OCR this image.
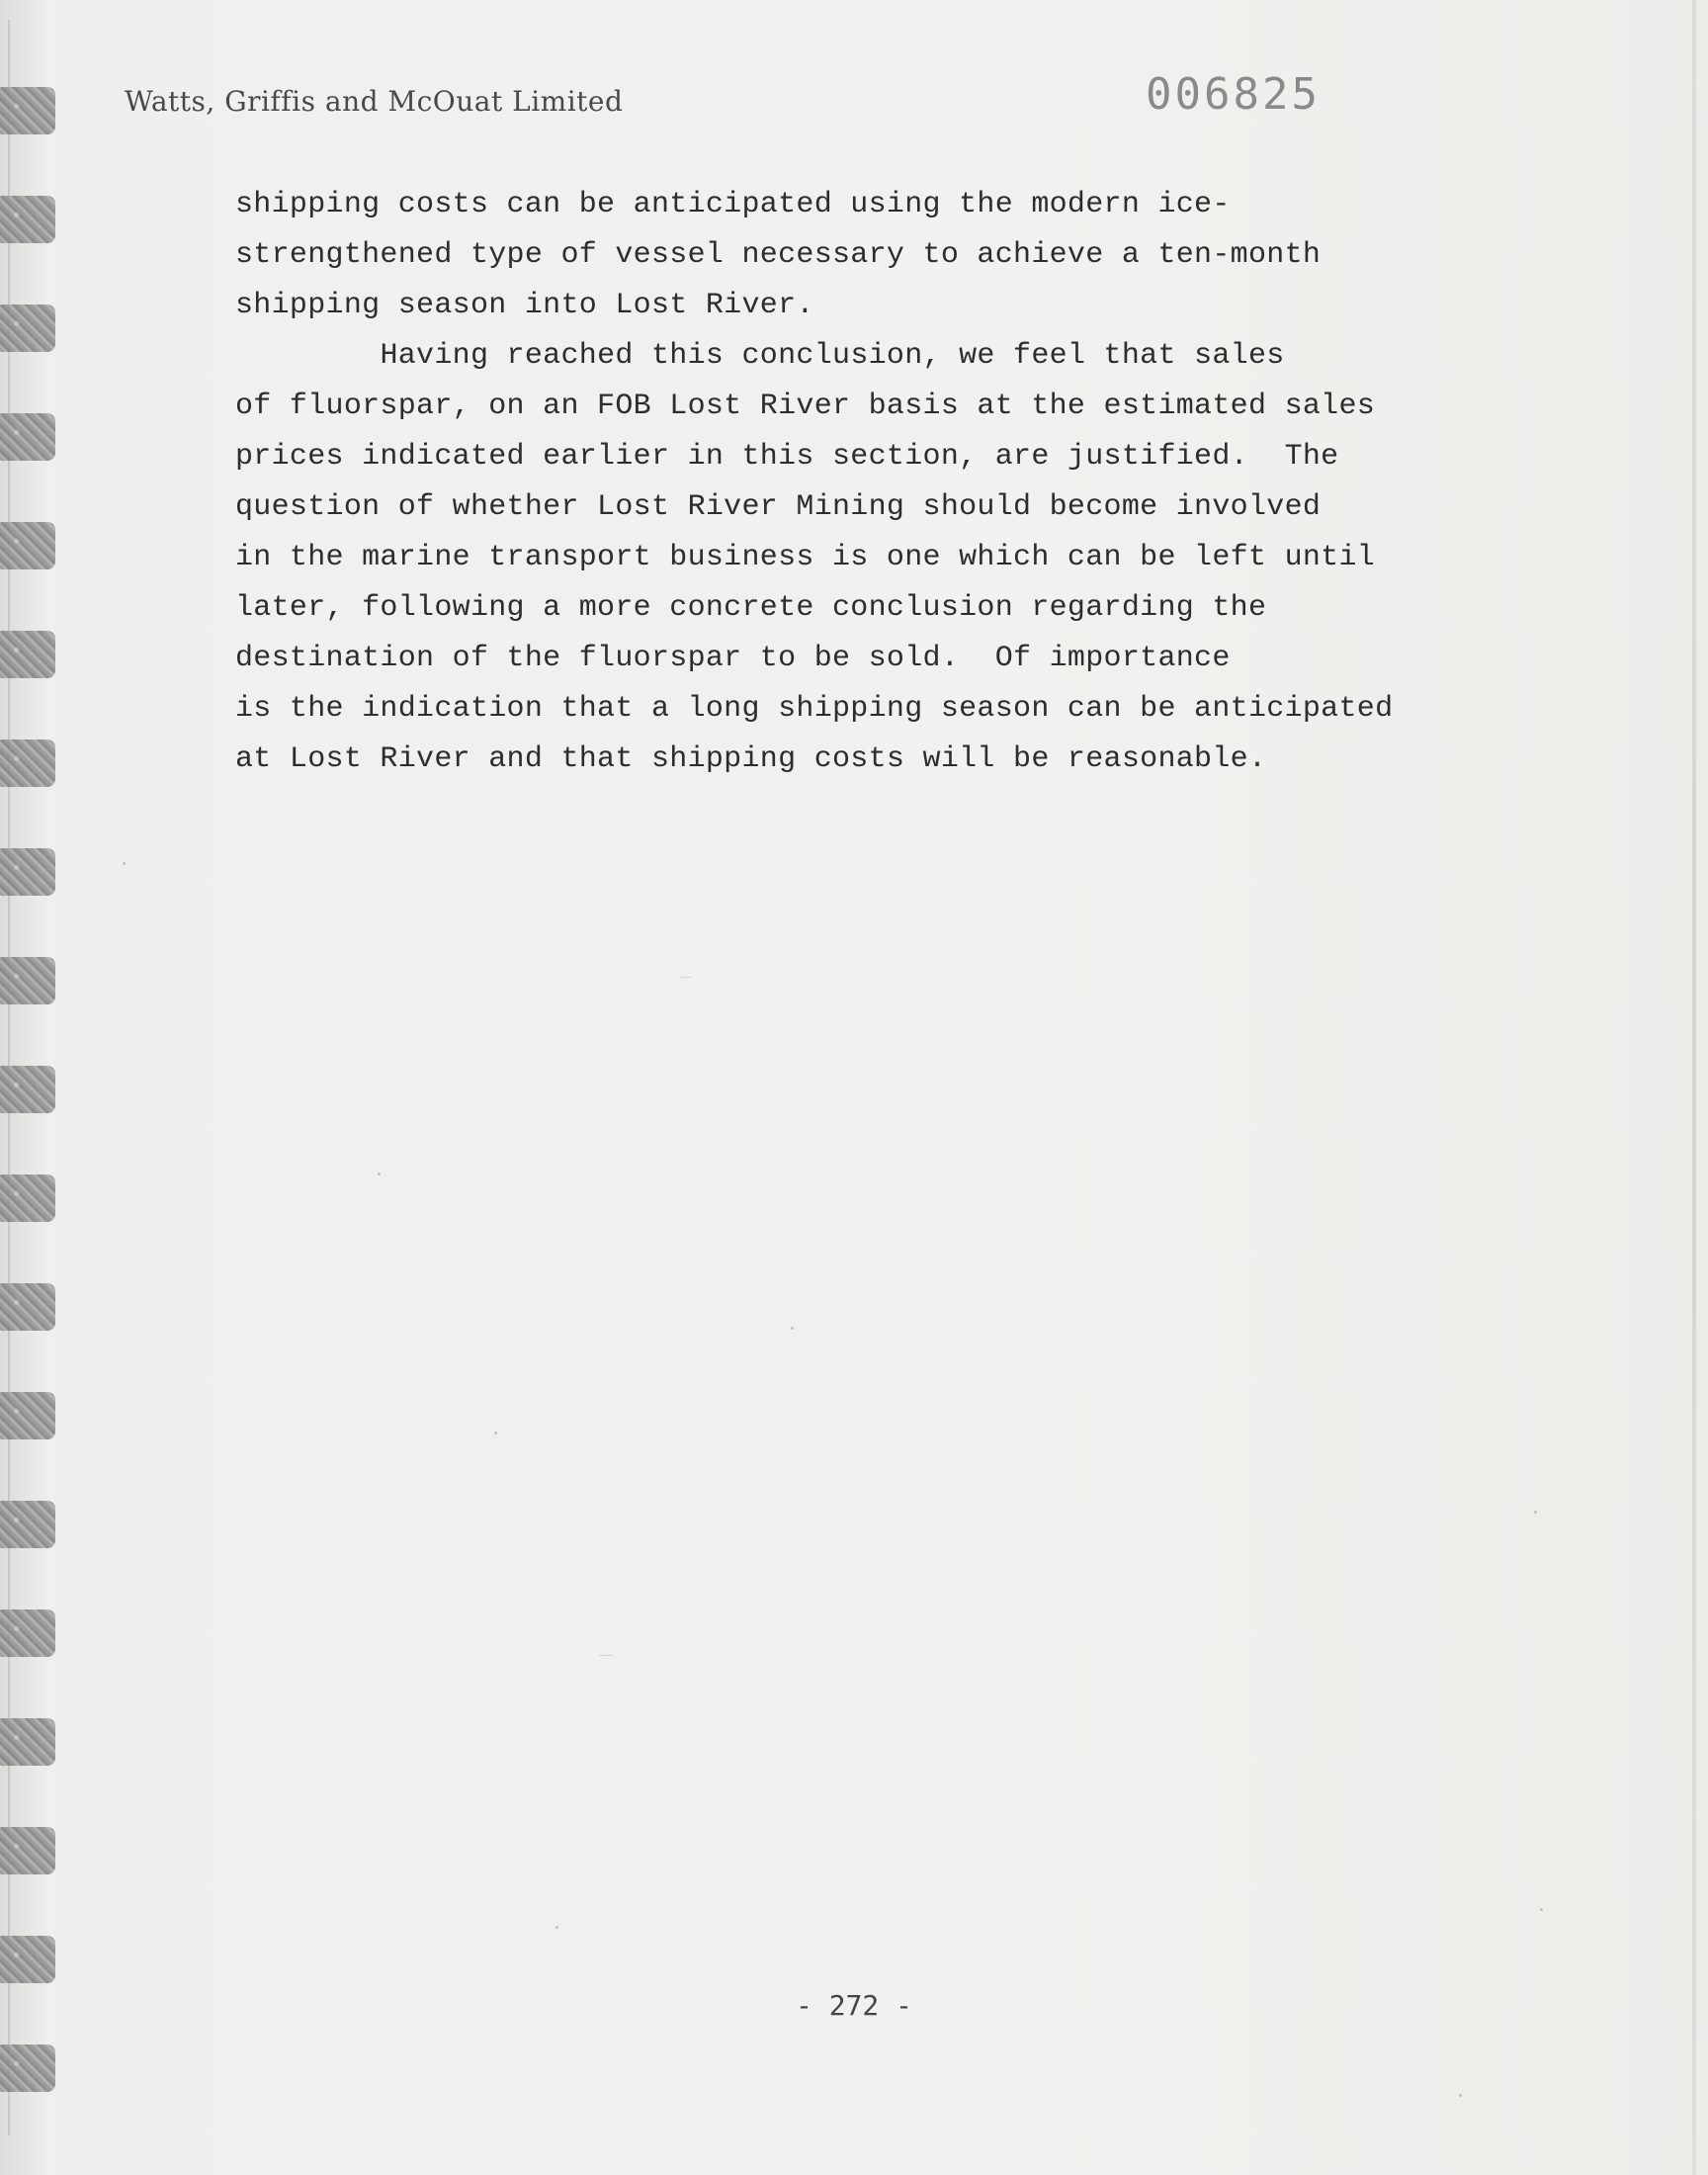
Watts, Griffis and McOuat Limited	006825

shipping costs can be anticipated using the modern ice-

strengthened type of vessel necessary to achieve a ten-month

shipping season into Lost River.

Having reached this conclusion, we feel that sales

of fluorspar, on an FOB Lost River basis at the estimated sales

prices indicated earlier in this section, are justified.  The

question of whether Lost River Mining should become involved

in the marine transport business is one which can be left until

later, following a more concrete conclusion regarding the

destination of the fluorspar to be sold.  Of importance

is the indication that a long shipping season can be anticipated

at Lost River and that shipping costs will be reasonable.

- 272 -
